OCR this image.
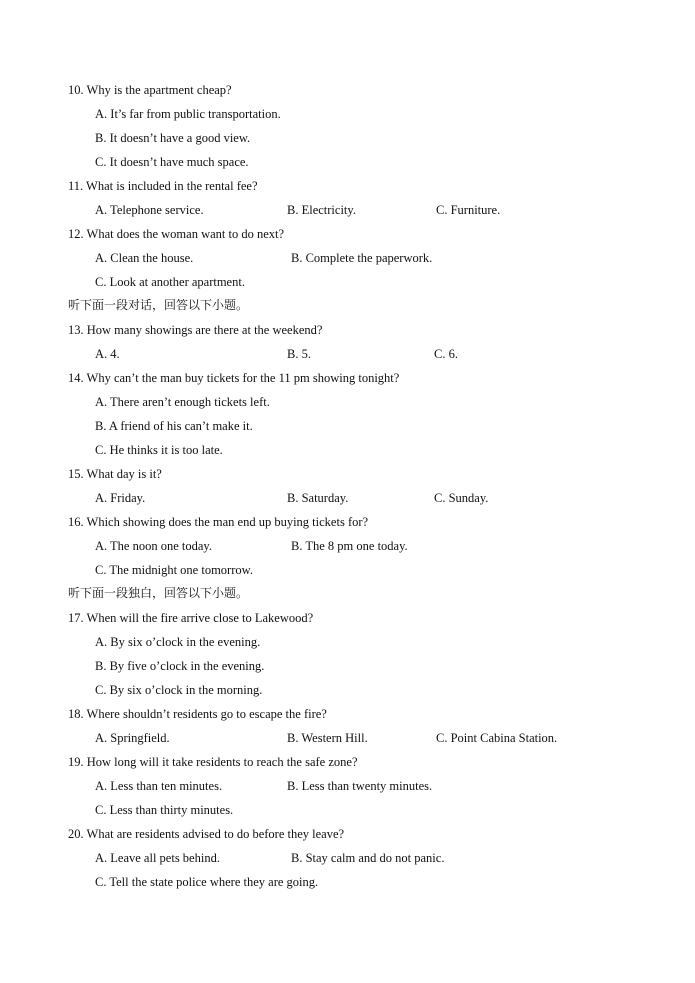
10. Why is the apartment cheap?
A. It’s far from public transportation.
B. It doesn’t have a good view.
C. It doesn’t have much space.
11. What is included in the rental fee?
A. Telephone service.	B. Electricity.	C. Furniture.
12. What does the woman want to do next?
A. Clean the house.	B. Complete the paperwork.
C. Look at another apartment.
听下面一段对话，回答以下小题。
13. How many showings are there at the weekend?
A. 4.	B. 5.	C. 6.
14. Why can’t the man buy tickets for the 11 pm showing tonight?
A. There aren’t enough tickets left.
B. A friend of his can’t make it.
C. He thinks it is too late.
15. What day is it?
A. Friday.	B. Saturday.	C. Sunday.
16. Which showing does the man end up buying tickets for?
A. The noon one today.	B. The 8 pm one today.
C. The midnight one tomorrow.
听下面一段独白，回答以下小题。
17. When will the fire arrive close to Lakewood?
A. By six o’clock in the evening.
B. By five o’clock in the evening.
C. By six o’clock in the morning.
18. Where shouldn’t residents go to escape the fire?
A. Springfield.	B. Western Hill.	C. Point Cabina Station.
19. How long will it take residents to reach the safe zone?
A. Less than ten minutes.	B. Less than twenty minutes.
C. Less than thirty minutes.
20. What are residents advised to do before they leave?
A. Leave all pets behind.	B. Stay calm and do not panic.
C. Tell the state police where they are going.
